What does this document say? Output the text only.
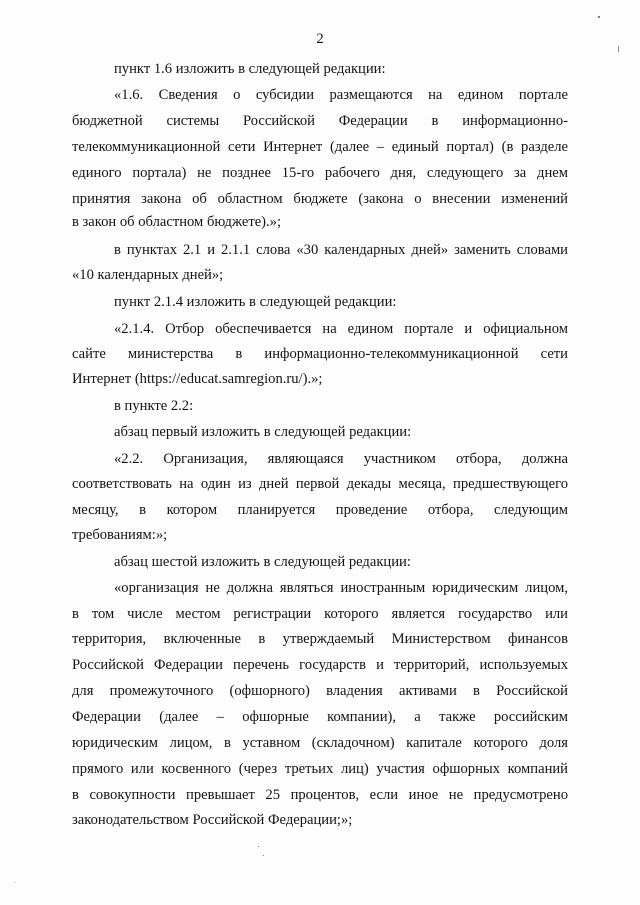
2
пункт 1.6 изложить в следующей редакции:
«1.6. Сведения о субсидии размещаются на едином портале
бюджетной системы Российской Федерации в информационно-
телекоммуникационной сети Интернет (далее – единый портал) (в разделе
единого портала) не позднее 15-го рабочего дня, следующего за днем
принятия закона об областном бюджете (закона о внесении изменений
в закон об областном бюджете).»;
в пунктах 2.1 и 2.1.1 слова «30 календарных дней» заменить словами
«10 календарных дней»;
пункт 2.1.4 изложить в следующей редакции:
«2.1.4. Отбор обеспечивается на едином портале и официальном
сайте министерства в информационно-телекоммуникационной сети
Интернет (https://educat.samregion.ru/).»;
в пункте 2.2:
абзац первый изложить в следующей редакции:
«2.2. Организация, являющаяся участником отбора, должна
соответствовать на один из дней первой декады месяца, предшествующего
месяцу, в котором планируется проведение отбора, следующим
требованиям:»;
абзац шестой изложить в следующей редакции:
«организация не должна являться иностранным юридическим лицом,
в том числе местом регистрации которого является государство или
территория, включенные в утверждаемый Министерством финансов
Российской Федерации перечень государств и территорий, используемых
для промежуточного (офшорного) владения активами в Российской
Федерации (далее – офшорные компании), а также российским
юридическим лицом, в уставном (складочном) капитале которого доля
прямого или косвенного (через третьих лиц) участия офшорных компаний
в совокупности превышает 25 процентов, если иное не предусмотрено
законодательством Российской Федерации;»;
